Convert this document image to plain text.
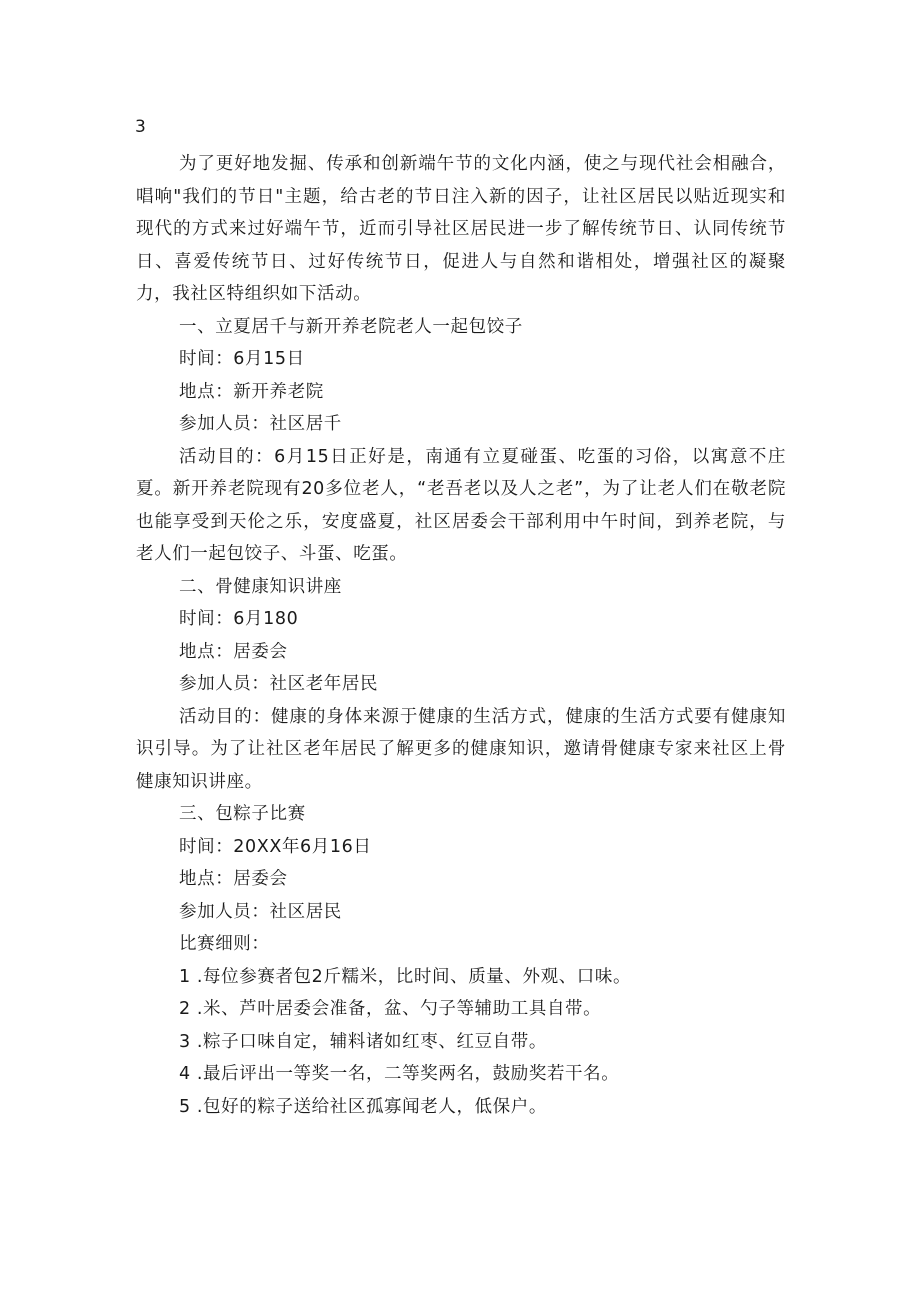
3

为了更好地发掘、传承和创新端午节的文化内涵，使之与现代社会相融合，唱响"我们的节日"主题，给古老的节日注入新的因子，让社区居民以贴近现实和现代的方式来过好端午节，近而引导社区居民进一步了解传统节日、认同传统节日、喜爱传统节日、过好传统节日，促进人与自然和谐相处，增强社区的凝聚力，我社区特组织如下活动。

一、立夏居千与新开养老院老人一起包饺子

时间：6月15日

地点：新开养老院

参加人员：社区居千

活动目的：6月15日正好是，南通有立夏碰蛋、吃蛋的习俗，以寓意不庄夏。新开养老院现有20多位老人，“老吾老以及人之老”，为了让老人们在敬老院也能享受到天伦之乐，安度盛夏，社区居委会干部利用中午时间，到养老院，与老人们一起包饺子、斗蛋、吃蛋。

二、骨健康知识讲座

时间：6月180

地点：居委会

参加人员：社区老年居民

活动目的：健康的身体来源于健康的生活方式，健康的生活方式要有健康知识引导。为了让社区老年居民了解更多的健康知识，邀请骨健康专家来社区上骨健康知识讲座。

三、包粽子比赛

时间：20XX年6月16日

地点：居委会

参加人员：社区居民

比赛细则：

1 .每位参赛者包2斤糯米，比时间、质量、外观、口味。

2 .米、芦叶居委会准备，盆、勺子等辅助工具自带。

3 .粽子口味自定，辅料诸如红枣、红豆自带。

4 .最后评出一等奖一名，二等奖两名，鼓励奖若干名。

5 .包好的粽子送给社区孤寡闻老人，低保户。
